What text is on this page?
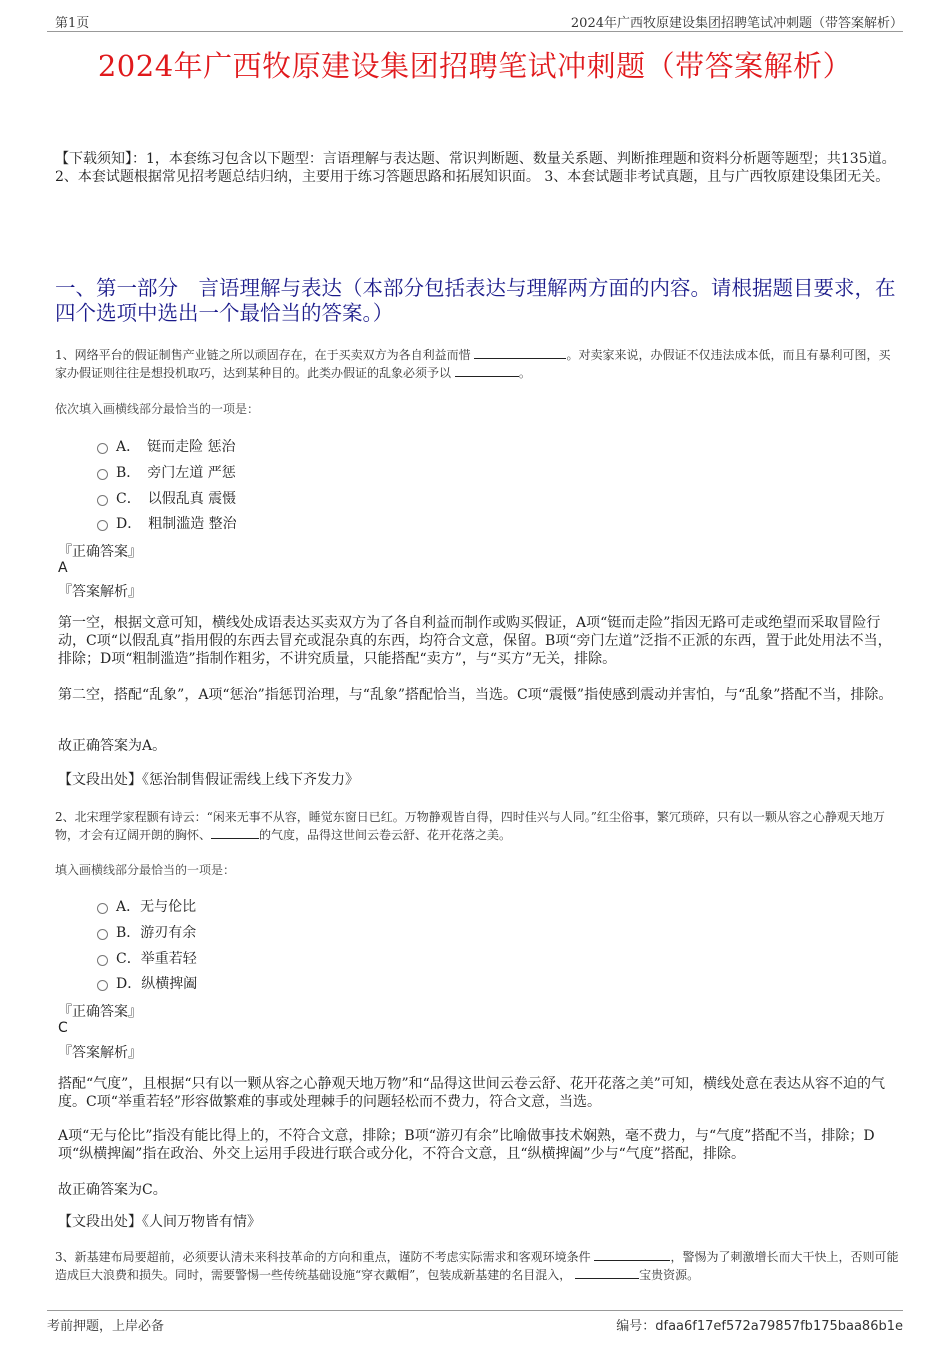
第1页	2024年广西牧原建设集团招聘笔试冲刺题（带答案解析）
2024年广西牧原建设集团招聘笔试冲刺题（带答案解析）
【下载须知】：1，本套练习包含以下题型：言语理解与表达题、常识判断题、数量关系题、判断推理题和资料分析题等题型；共135道。 2、本套试题根据常见招考题总结归纳，主要用于练习答题思路和拓展知识面。 3、本套试题非考试真题，且与广西牧原建设集团无关。
一、第一部分　言语理解与表达（本部分包括表达与理解两方面的内容。请根据题目要求，在四个选项中选出一个最恰当的答案。）
1、网络平台的假证制售产业链之所以顽固存在，在于买卖双方为各自利益而惜	。对卖家来说，办假证不仅违法成本低，而且有暴利可图，买家办假证则往往是想投机取巧，达到某种目的。此类办假证的乱象必须予以	。
依次填入画横线部分最恰当的一项是：
A．　铤而走险 惩治
B．　旁门左道 严惩
C．　以假乱真 震慑
D．　粗制滥造 整治
『正确答案』
A
『答案解析』
第一空，根据文意可知，横线处成语表达买卖双方为了各自利益而制作或购买假证，A项“铤而走险”指因无路可走或绝望而采取冒险行动，C项“以假乱真”指用假的东西去冒充或混杂真的东西，均符合文意，保留。B项“旁门左道”泛指不正派的东西，置于此处用法不当，排除；D项“粗制滥造”指制作粗劣，不讲究质量，只能搭配“卖方”，与“买方”无关，排除。
第二空，搭配“乱象”，A项“惩治”指惩罚治理，与“乱象”搭配恰当，当选。C项“震慑”指使感到震动并害怕，与“乱象”搭配不当，排除。
故正确答案为A。
【文段出处】《惩治制售假证需线上线下齐发力》
2、北宋理学家程颢有诗云：“闲来无事不从容，睡觉东窗日已红。万物静观皆自得，四时佳兴与人同。”红尘俗事，繁冗琐碎，只有以一颗从容之心静观天地万物，才会有辽阔开朗的胸怀、	的气度，品得这世间云卷云舒、花开花落之美。
填入画横线部分最恰当的一项是：
A．无与伦比
B．游刃有余
C．举重若轻
D．纵横捭阖
『正确答案』
C
『答案解析』
搭配“气度”，且根据“只有以一颗从容之心静观天地万物”和“品得这世间云卷云舒、花开花落之美”可知，横线处意在表达从容不迫的气度。C项“举重若轻”形容做繁难的事或处理棘手的问题轻松而不费力，符合文意，当选。
A项“无与伦比”指没有能比得上的，不符合文意，排除；B项“游刃有余”比喻做事技术娴熟，毫不费力，与“气度”搭配不当，排除；D项“纵横捭阖”指在政治、外交上运用手段进行联合或分化，不符合文意，且“纵横捭阖”少与“气度”搭配，排除。
故正确答案为C。
【文段出处】《人间万物皆有情》
3、新基建布局要超前，必须要认清未来科技革命的方向和重点，谨防不考虑实际需求和客观环境条件	，警惕为了刺激增长而大干快上，否则可能造成巨大浪费和损失。同时，需要警惕一些传统基础设施“穿衣戴帽”，包装成新基建的名目混入，	宝贵资源。
考前押题，上岸必备	编号：dfaa6f17ef572a79857fb175baa86b1e
